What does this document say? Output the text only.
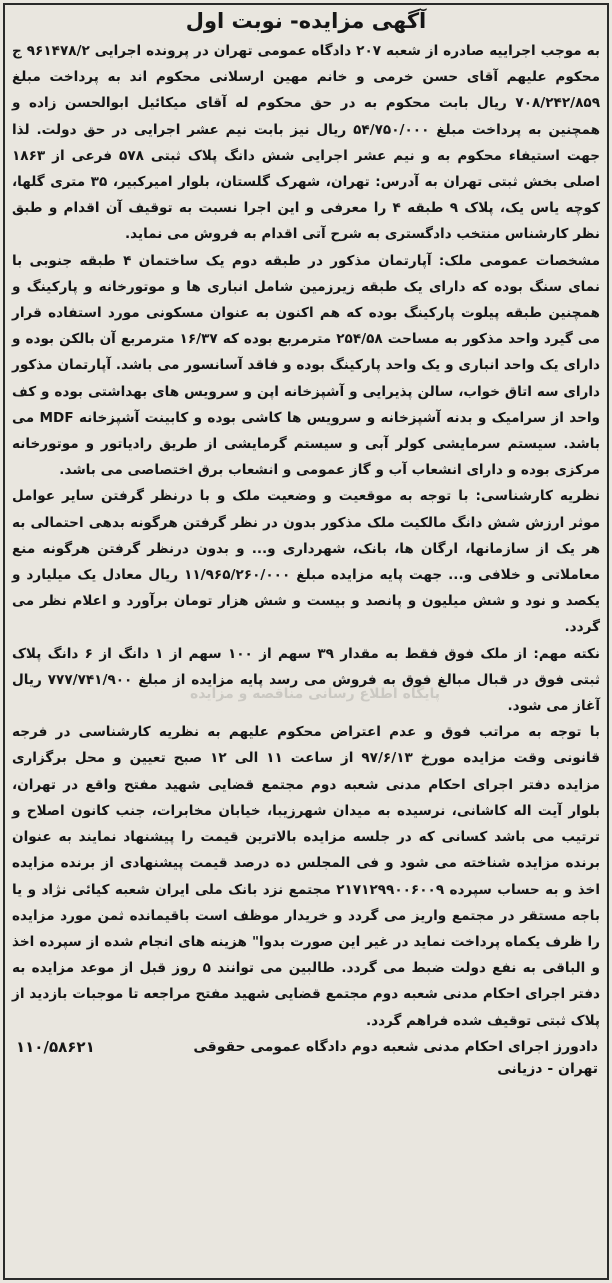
آگهی مزایده- نوبت اول

به موجب اجراییه صادره از شعبه ۲۰۷ دادگاه عمومی تهران در پرونده اجرایی ۹۶۱۴۷۸/۲ ج محکوم علیهم آقای حسن خرمی و خانم مهین ارسلانی محکوم اند به پرداخت مبلغ ۷۰۸/۲۴۲/۸۵۹ ریال بابت محکوم به در حق محکوم له آقای میکائیل ابوالحسن زاده و همچنین به پرداخت مبلغ ۵۴/۷۵۰/۰۰۰ ریال نیز بابت نیم عشر اجرایی در حق دولت. لذا جهت استیفاء محکوم به و نیم عشر اجرایی شش دانگ پلاک ثبتی ۵۷۸ فرعی از ۱۸۶۳ اصلی بخش ثبتی تهران به آدرس: تهران، شهرک گلستان، بلوار امیرکبیر، ۳۵ متری گلها، کوچه یاس یک، پلاک ۹ طبقه ۴ را معرفی و این اجرا نسبت به توقیف آن اقدام و طبق نظر کارشناس منتخب دادگستری به شرح آتی اقدام به فروش می نماید.

مشخصات عمومی ملک: آپارتمان مذکور در طبقه دوم یک ساختمان ۴ طبقه جنوبی با نمای سنگ بوده که دارای یک طبقه زیرزمین شامل انباری ها و موتورخانه و پارکینگ و همچنین طبقه پیلوت پارکینگ بوده که هم اکنون به عنوان مسکونی مورد استفاده قرار می گیرد واحد مذکور به مساحت ۲۵۴/۵۸ مترمربع بوده که ۱۶/۳۷ مترمربع آن بالکن بوده و دارای یک واحد انباری و یک واحد پارکینگ بوده و فاقد آسانسور می باشد. آپارتمان مذکور دارای سه اتاق خواب، سالن پذیرایی و آشپزخانه اپن و سرویس های بهداشتی بوده و کف واحد از سرامیک و بدنه آشپزخانه و سرویس ها کاشی بوده و کابینت آشپزخانه MDF می باشد. سیستم سرمایشی کولر آبی و سیستم گرمایشی از طریق رادیاتور و موتورخانه مرکزی بوده و دارای انشعاب آب و گاز عمومی و انشعاب برق اختصاصی می باشد.

نظریه کارشناسی: با توجه به موقعیت و وضعیت ملک و با درنظر گرفتن سایر عوامل موثر ارزش شش دانگ مالکیت ملک مذکور بدون در نظر گرفتن هرگونه بدهی احتمالی به هر یک از سازمانها، ارگان ها، بانک، شهرداری و... و بدون درنظر گرفتن هرگونه منع معاملاتی و خلافی و... جهت پایه مزایده مبلغ ۱۱/۹۶۵/۲۶۰/۰۰۰ ریال معادل یک میلیارد و یکصد و نود و شش میلیون و پانصد و بیست و شش هزار تومان برآورد و اعلام نظر می گردد.

نکته مهم: از ملک فوق فقط به مقدار ۳۹ سهم از ۱۰۰ سهم از ۱ دانگ از ۶ دانگ پلاک ثبتی فوق در قبال مبالغ فوق به فروش می رسد پایه مزایده از مبلغ ۷۷۷/۷۴۱/۹۰۰ ریال آغاز می شود.

با توجه به مراتب فوق و عدم اعتراض محکوم علیهم به نظریه کارشناسی در فرجه قانونی وقت مزایده مورخ ۹۷/۶/۱۳ از ساعت ۱۱ الی ۱۲ صبح تعیین و محل برگزاری مزایده دفتر اجرای احکام مدنی شعبه دوم مجتمع قضایی شهید مفتح واقع در تهران، بلوار آیت اله کاشانی، نرسیده به میدان شهرزیبا، خیابان مخابرات، جنب کانون اصلاح و ترتیب می باشد کسانی که در جلسه مزایده بالاترین قیمت را پیشنهاد نمایند به عنوان برنده مزایده شناخته می شود و فی المجلس ده درصد قیمت پیشنهادی از برنده مزایده اخذ و به حساب سپرده ۲۱۷۱۲۹۹۰۰۶۰۰۹ مجتمع نزد بانک ملی ایران شعبه کیائی نژاد و یا باجه مستقر در مجتمع واریز می گردد و خریدار موظف است باقیمانده ثمن مورد مزایده را ظرف یکماه پرداخت نماید در غیر این صورت بدوا" هزینه های انجام شده از سپرده اخذ و الباقی به نفع دولت ضبط می گردد. طالبین می توانند ۵ روز قبل از موعد مزایده به دفتر اجرای احکام مدنی شعبه دوم مجتمع قضایی شهید مفتح مراجعه تا موجبات بازدید از پلاک ثبتی توقیف شده فراهم گردد.

۱۱۰/۵۸۶۲۱	دادورز اجرای احکام مدنی شعبه دوم دادگاه عمومی حقوقی
تهران - دزیانی
پایگاه اطلاع رسانی مناقصه و مزایده
